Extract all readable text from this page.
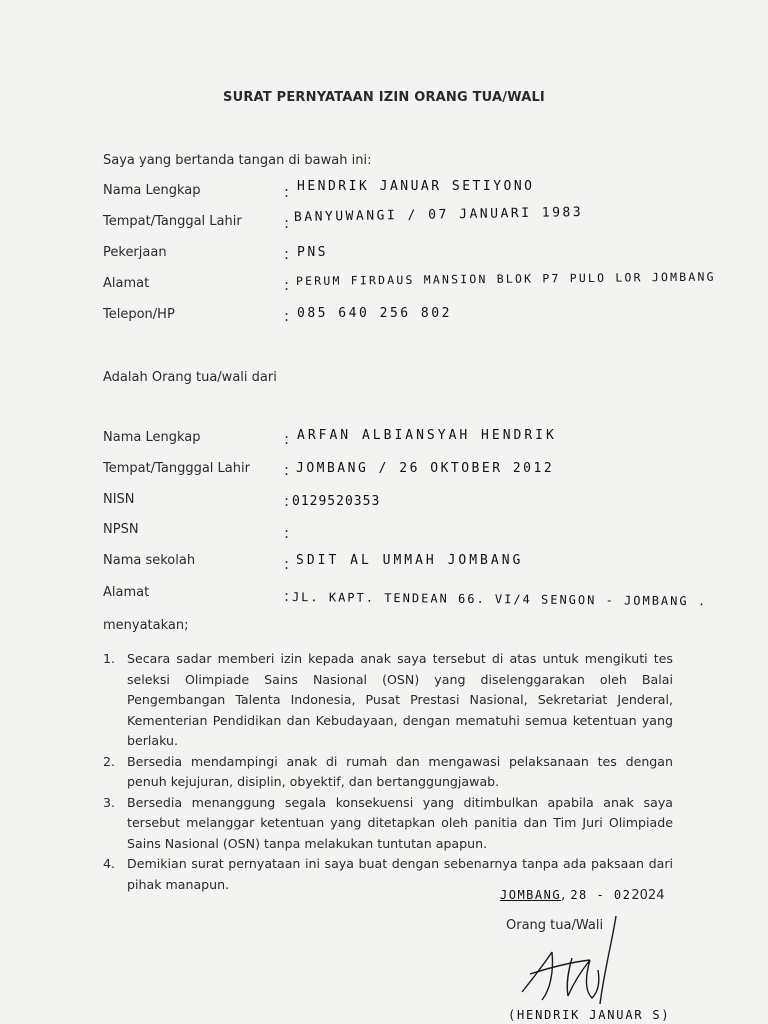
SURAT PERNYATAAN IZIN ORANG TUA/WALI
Saya yang bertanda tangan di bawah ini:
Nama Lengkap	: HENDRIK JANUAR SETIYONO
Tempat/Tanggal Lahir	: BANYUWANGI / 07 JANUARI 1983
Pekerjaan	: PNS
Alamat	: PERUM FIRDAUS MANSION BLOK P7 PULO LOR JOMBANG
Telepon/HP	: 085 640 256 802
Adalah Orang tua/wali dari
Nama Lengkap	: ARFAN ALBIANSYAH HENDRIK
Tempat/Tangggal Lahir : JOMBANG / 26 OKTOBER 2012
NISN	: 0129520353
NPSN	:
Nama sekolah	: SDIT AL UMMAH JOMBANG
Alamat	: JL. KAPT. TENDEAN 66. VI/4 SENGON - JOMBANG .
menyatakan;
1. Secara sadar memberi izin kepada anak saya tersebut di atas untuk mengikuti tes seleksi Olimpiade Sains Nasional (OSN) yang diselenggarakan oleh Balai Pengembangan Talenta Indonesia, Pusat Prestasi Nasional, Sekretariat Jenderal, Kementerian Pendidikan dan Kebudayaan, dengan mematuhi semua ketentuan yang berlaku.
2. Bersedia mendampingi anak di rumah dan mengawasi pelaksanaan tes dengan penuh kejujuran, disiplin, obyektif, dan bertanggungjawab.
3. Bersedia menanggung segala konsekuensi yang ditimbulkan apabila anak saya tersebut melanggar ketentuan yang ditetapkan oleh panitia dan Tim Juri Olimpiade Sains Nasional (OSN) tanpa melakukan tuntutan apapun.
4. Demikian surat pernyataan ini saya buat dengan sebenarnya tanpa ada paksaan dari pihak manapun.
JOMBANG, 28 - 022024
Orang tua/Wali
(HENDRIK JANUAR S)
